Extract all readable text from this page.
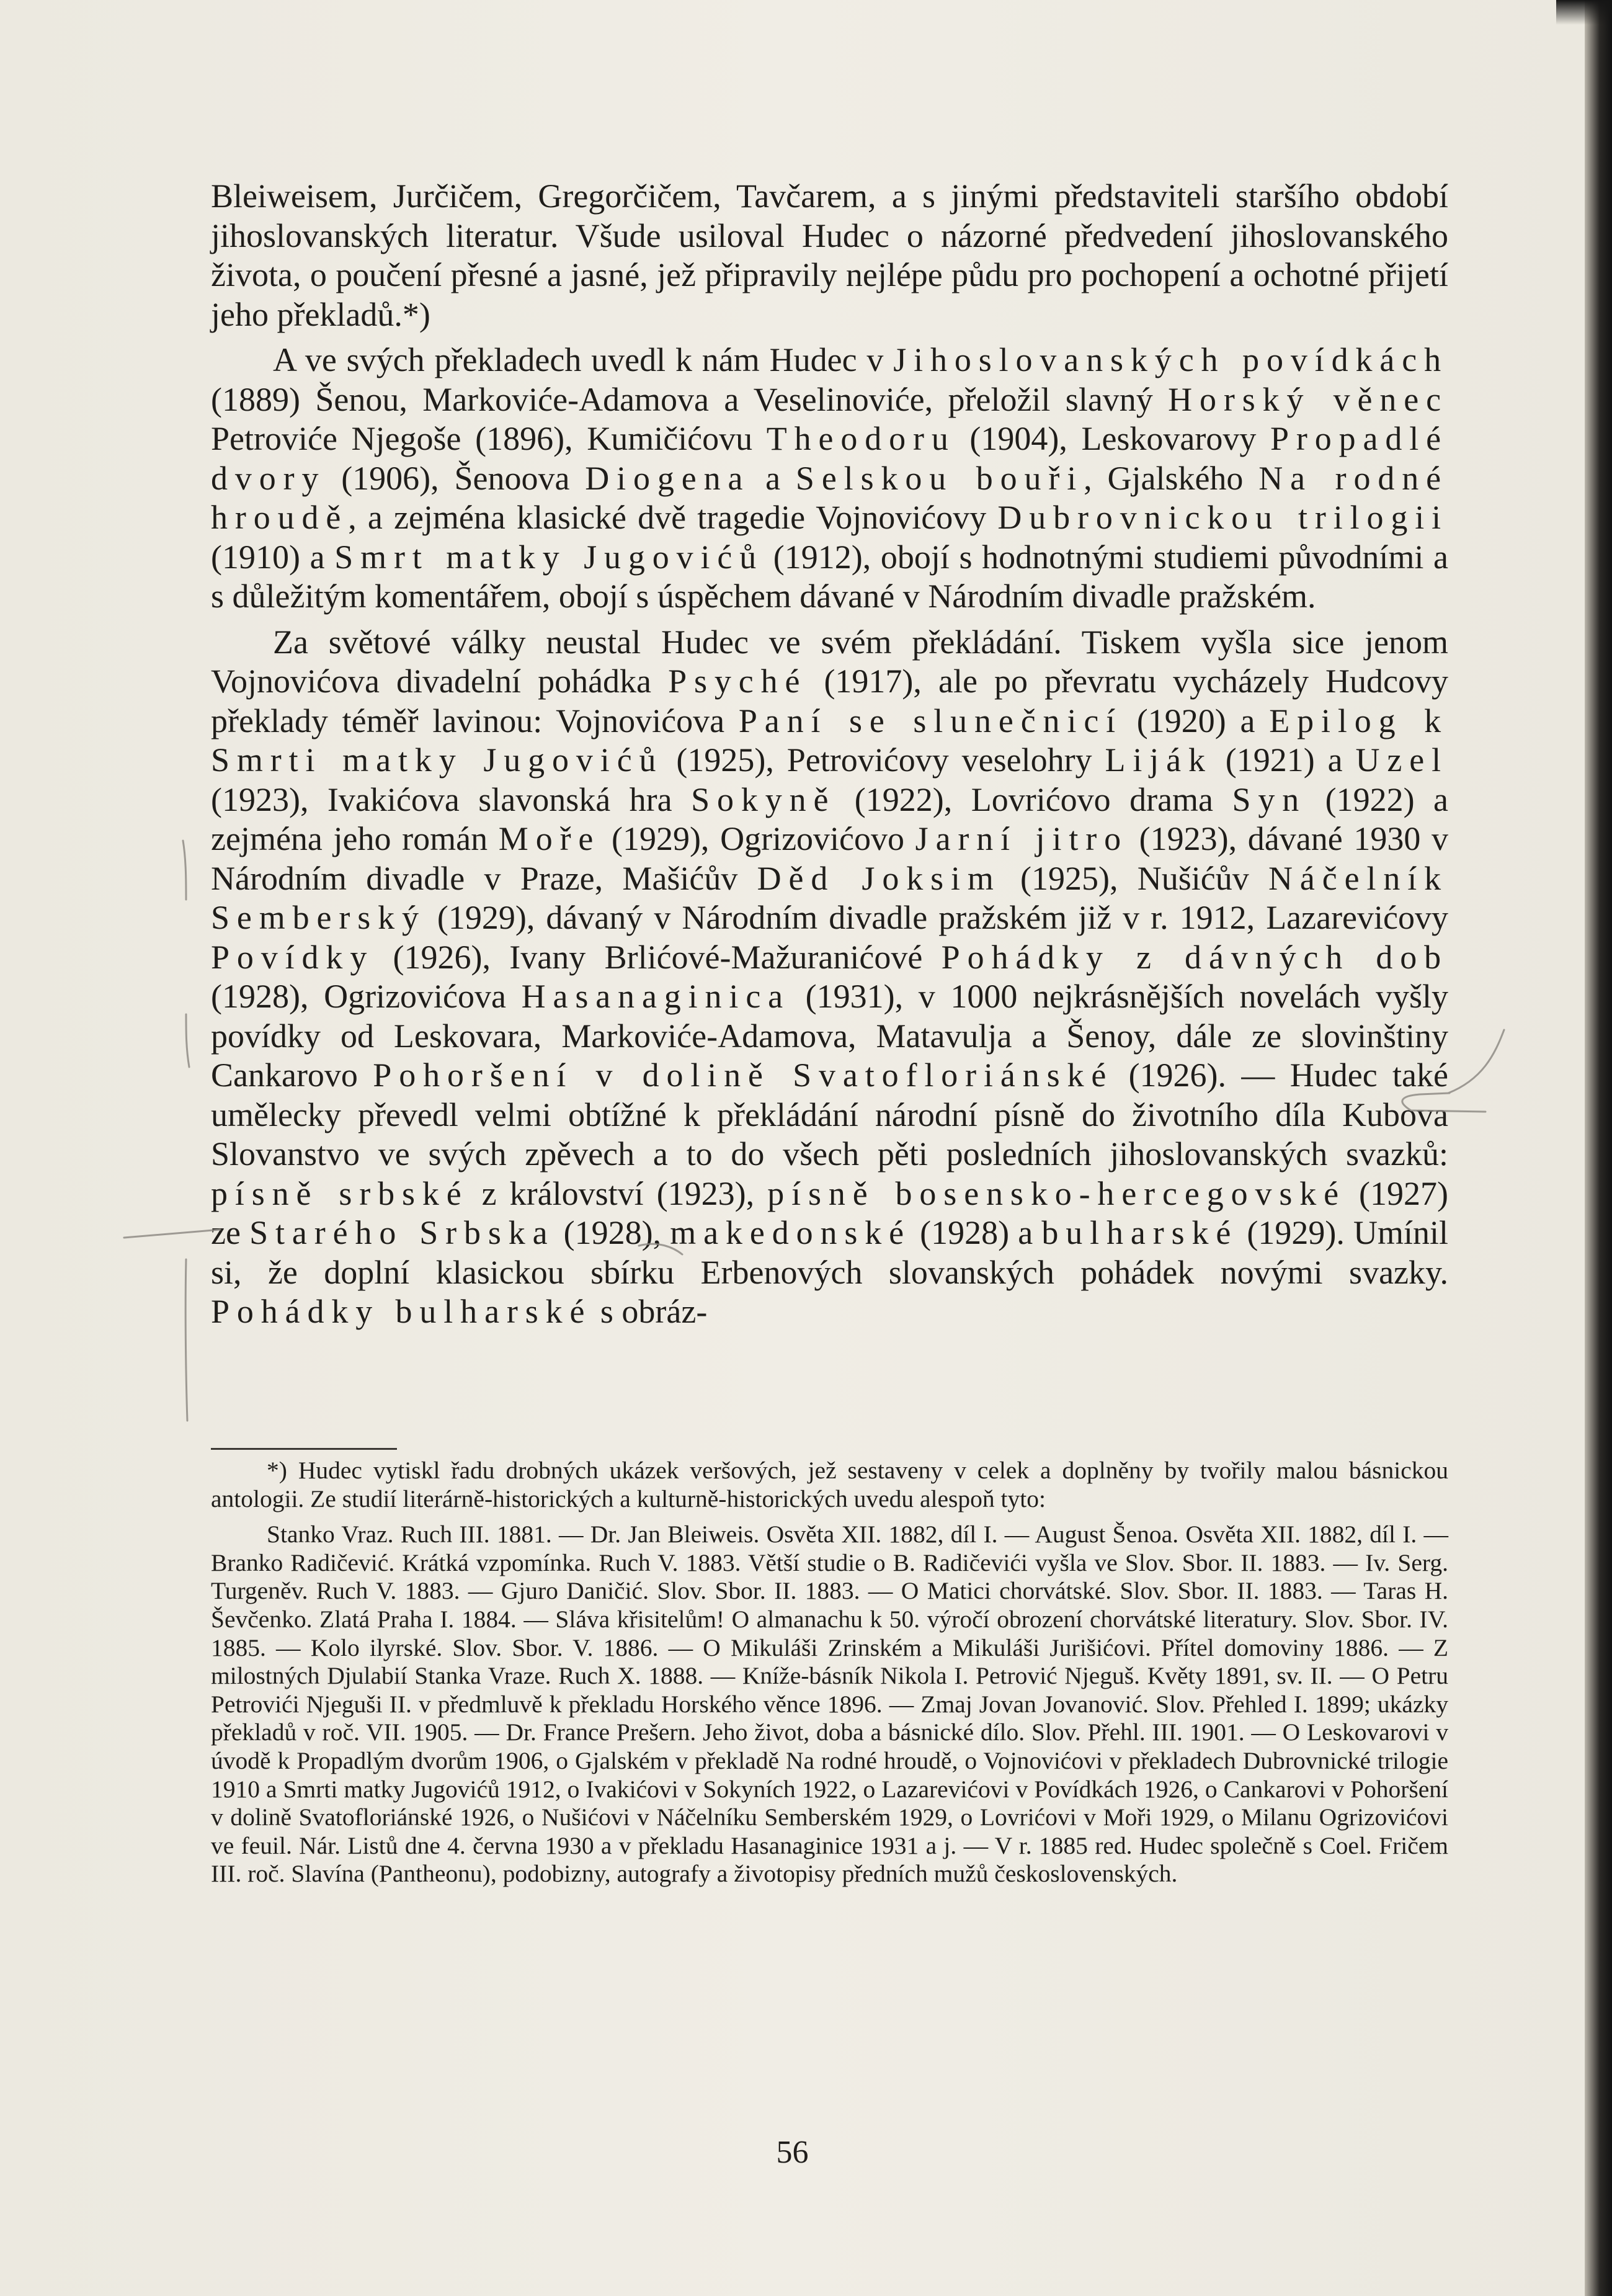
Bleiweisem, Jurčičem, Gregorčičem, Tavčarem, a s jinými představiteli staršího období jihoslovanských literatur. Všude usiloval Hudec o názorné předvedení jihoslovanského života, o poučení přesné a jasné, jež připravily nejlépe půdu pro pochopení a ochotné přijetí jeho překladů.*)

A ve svých překladech uvedl k nám Hudec v Jihoslovanských povídkách (1889) Šenou, Markoviće-Adamova a Veselinoviće, přeložil slavný Horský věnec Petroviće Njegoše (1896), Kumičićovu Theodoru (1904), Leskovarovy Propadlé dvory (1906), Šenoova Diogena a Selskou bouři, Gjalského Na rodné hroudě, a zejména klasické dvě tragedie Vojnovićovy Dubrovnickou trilogii (1910) a Smrt matky Jugovićů (1912), obojí s hodnotnými studiemi původními a s důležitým komentářem, obojí s úspěchem dávané v Národním divadle pražském.

Za světové války neustal Hudec ve svém překládání. Tiskem vyšla sice jenom Vojnovićova divadelní pohádka Psyché (1917), ale po převratu vycházely Hudcovy překlady téměř lavinou: Vojnovićova Paní se slunečnicí (1920) a Epilog k Smrti matky Jugovićů (1925), Petrovićovy veselohry Liják (1921) a Uzel (1923), Ivakićova slavonská hra Sokyně (1922), Lovrićovo drama Syn (1922) a zejména jeho román Moře (1929), Ogrizovićovo Jarní jitro (1923), dávané 1930 v Národním divadle v Praze, Mašićův Děd Joksim (1925), Nušićův Náčelník Semberský (1929), dávaný v Národním divadle pražském již v r. 1912, Lazarevićovy Povídky (1926), Ivany Brlićové-Mažuranićové Pohádky z dávných dob (1928), Ogrizovićova Hasanaginica (1931), v 1000 nejkrásnějších novelách vyšly povídky od Leskovara, Markoviće-Adamova, Matavulja a Šenoy, dále ze slovinštiny Cankarovo Pohoršení v dolině Svatofloriánské (1926). — Hudec také umělecky převedl velmi obtížné k překládání národní písně do životního díla Kubova Slovanstvo ve svých zpěvech a to do všech pěti posledních jihoslovanských svazků: písně srbské z království (1923), písně bosensko-hercegovské (1927) ze Starého Srbska (1928), makedonské (1928) a bulharské (1929). Umínil si, že doplní klasickou sbírku Erbenových slovanských pohádek novými svazky. Pohádky bulharské s obráz-

*) Hudec vytiskl řadu drobných ukázek veršových, jež sestaveny v celek a doplněny by tvořily malou básnickou antologii. Ze studií literárně-historických a kulturně-historických uvedu alespoň tyto:

Stanko Vraz. Ruch III. 1881. — Dr. Jan Bleiweis. Osvěta XII. 1882, díl I. — August Šenoa. Osvěta XII. 1882, díl I. — Branko Radičević. Krátká vzpomínka. Ruch V. 1883. Větší studie o B. Radičevići vyšla ve Slov. Sbor. II. 1883. — Iv. Serg. Turgeněv. Ruch V. 1883. — Gjuro Daničić. Slov. Sbor. II. 1883. — O Matici chorvátské. Slov. Sbor. II. 1883. — Taras H. Ševčenko. Zlatá Praha I. 1884. — Sláva křisitelům! O almanachu k 50. výročí obrození chorvátské literatury. Slov. Sbor. IV. 1885. — Kolo ilyrské. Slov. Sbor. V. 1886. — O Mikuláši Zrinském a Mikuláši Jurišićovi. Přítel domoviny 1886. — Z milostných Djulabií Stanka Vraze. Ruch X. 1888. — Kníže-básník Nikola I. Petrović Njeguš. Květy 1891, sv. II. — O Petru Petrovići Njeguši II. v předmluvě k překladu Horského věnce 1896. — Zmaj Jovan Jovanović. Slov. Přehled I. 1899; ukázky překladů v roč. VII. 1905. — Dr. France Prešern. Jeho život, doba a básnické dílo. Slov. Přehl. III. 1901. — O Leskovarovi v úvodě k Propadlým dvorům 1906, o Gjalském v překladě Na rodné hroudě, o Vojnovićovi v překladech Dubrovnické trilogie 1910 a Smrti matky Jugovićů 1912, o Ivakićovi v Sokyních 1922, o Lazarevićovi v Povídkách 1926, o Cankarovi v Pohoršení v dolině Svatofloriánské 1926, o Nušićovi v Náčelníku Semberském 1929, o Lovrićovi v Moři 1929, o Milanu Ogrizovićovi ve feuil. Nár. Listů dne 4. června 1930 a v překladu Hasanaginice 1931 a j. — V r. 1885 red. Hudec společně s Coel. Fričem III. roč. Slavína (Pantheonu), podobizny, autografy a životopisy předních mužů československých.

56
